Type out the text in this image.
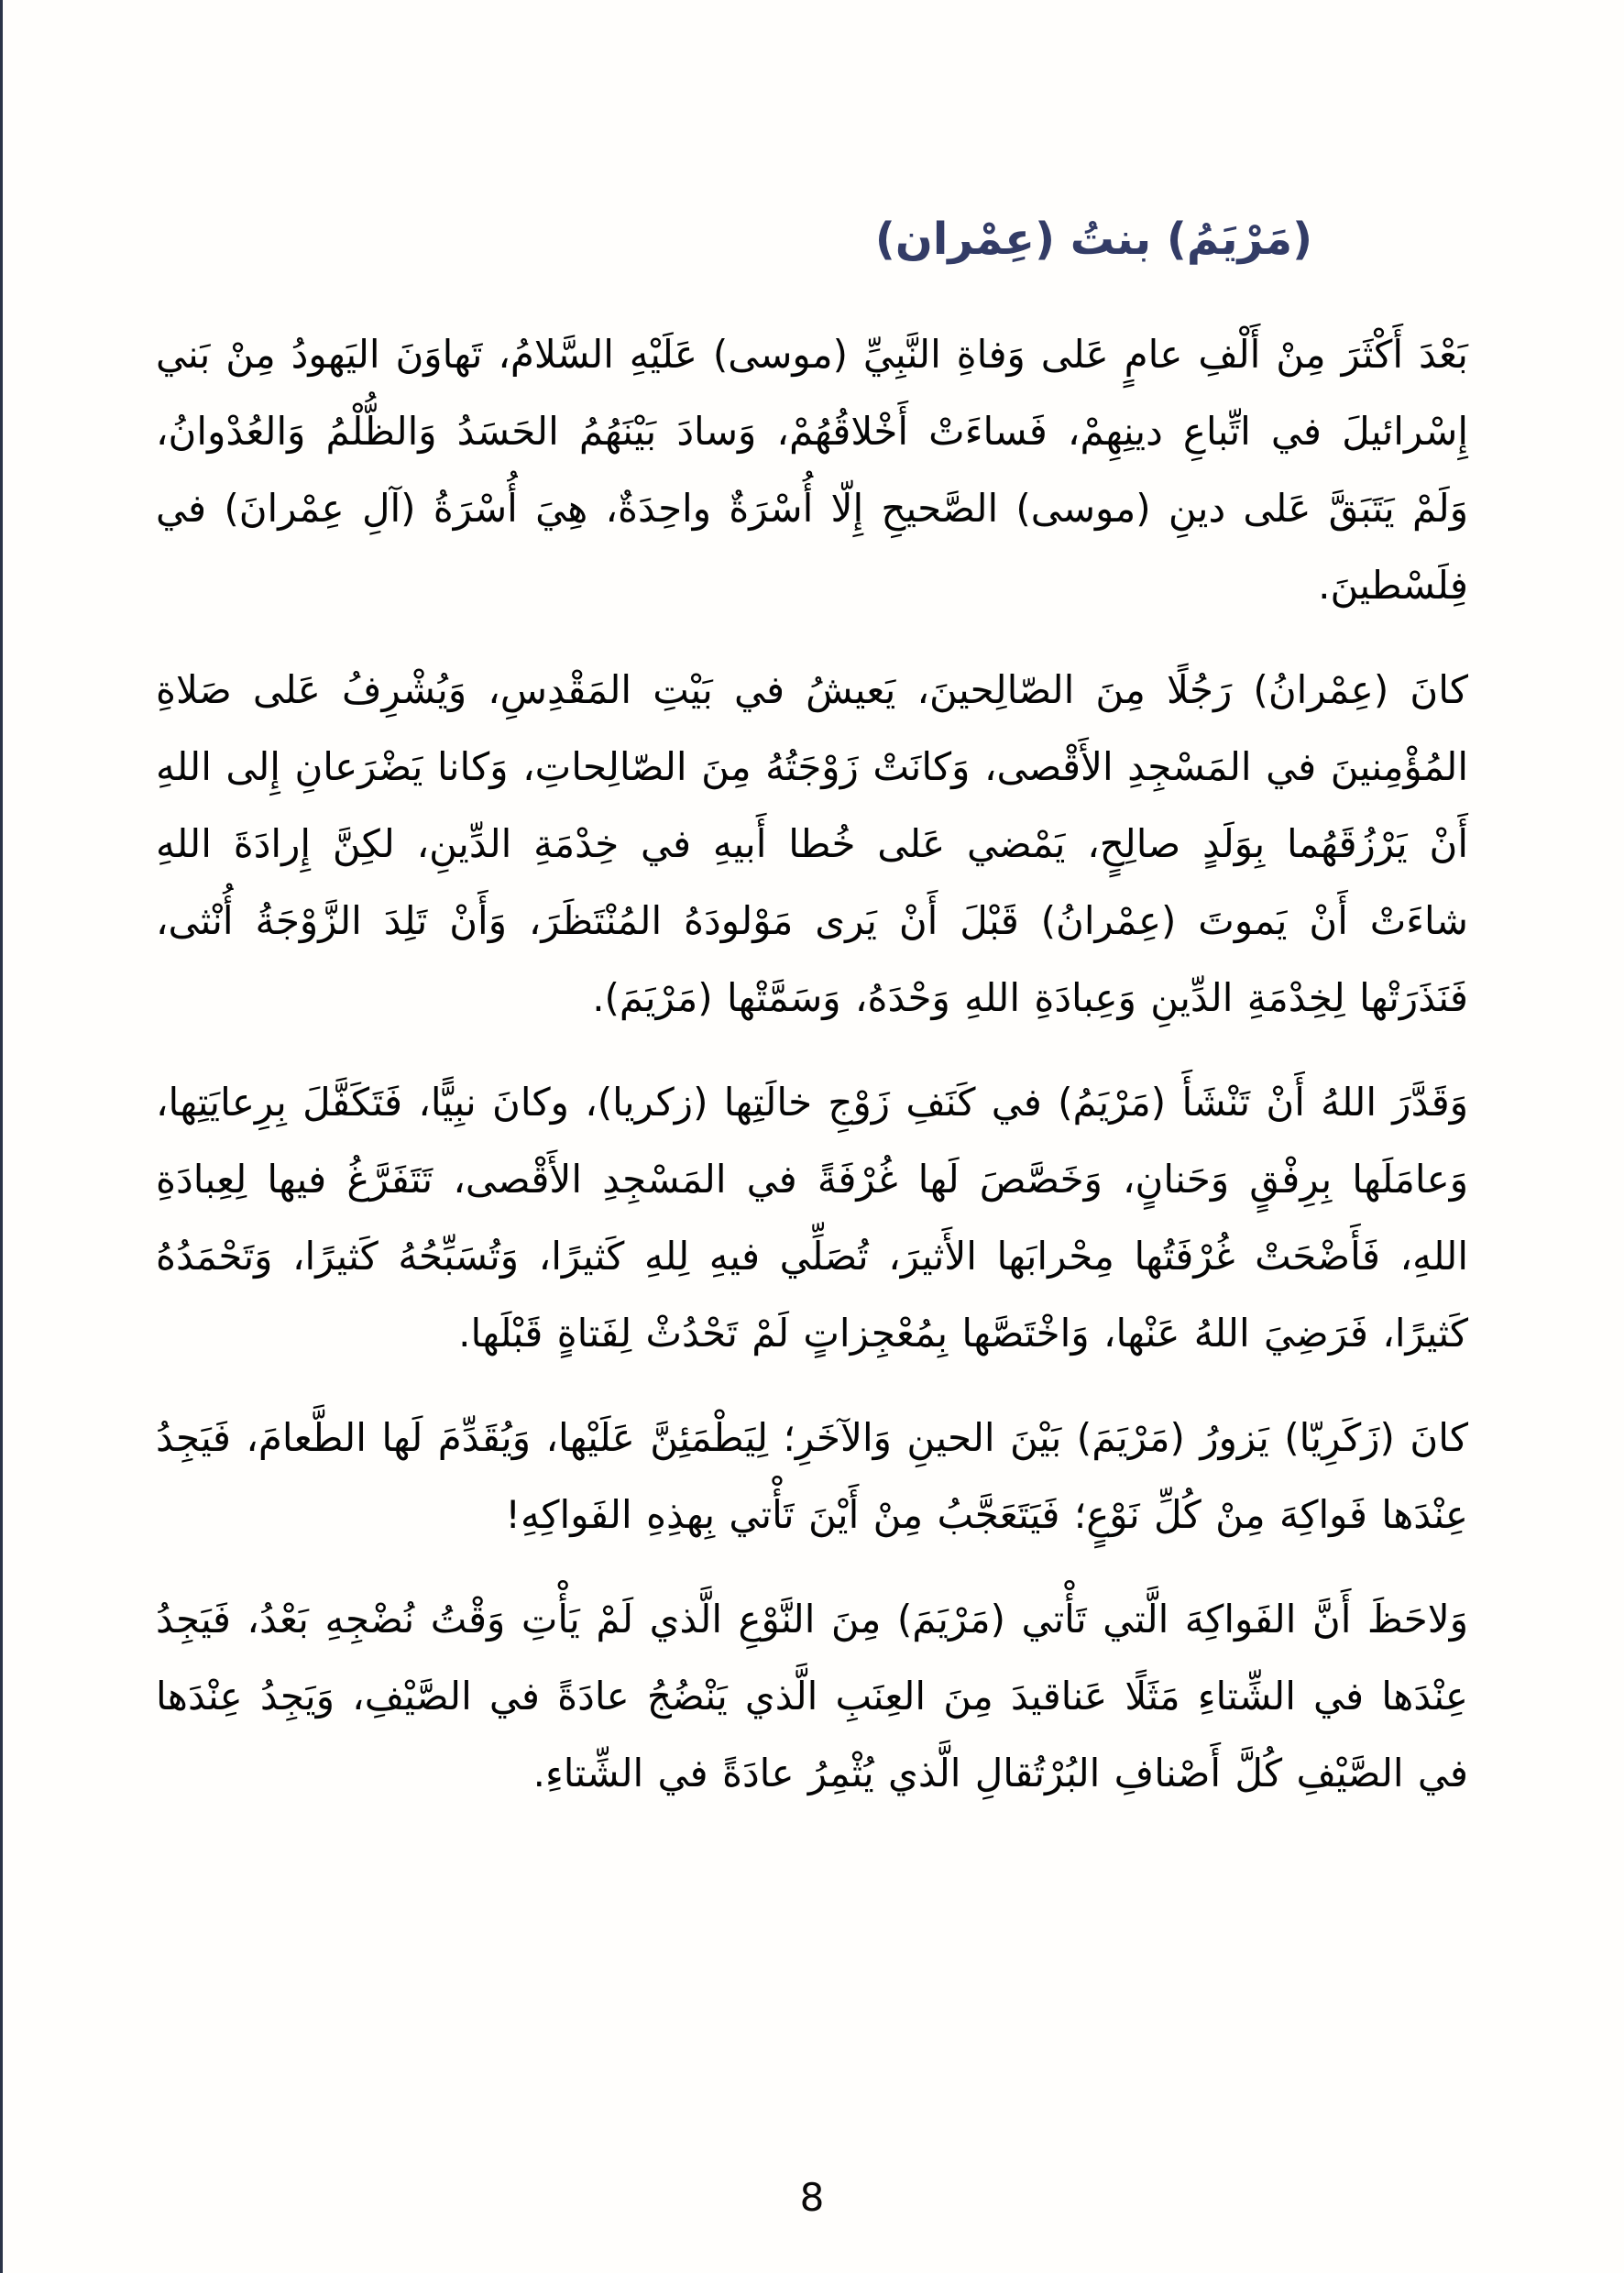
(مَرْيَمُ) بنتُ (عِمْران)

بَعْدَ أَكْثَرَ مِنْ أَلْفِ عامٍ عَلى وَفاةِ النَّبِيِّ (موسى) عَلَيْهِ السَّلامُ، تَهاوَنَ اليَهودُ مِنْ بَني إِسْرائيلَ في اتِّباعِ دينِهِمْ، فَساءَتْ أَخْلاقُهُمْ، وَسادَ بَيْنَهُمُ الحَسَدُ وَالظُّلْمُ وَالعُدْوانُ، وَلَمْ يَتَبَقَّ عَلى دينِ (موسى) الصَّحيحِ إِلّا أُسْرَةٌ واحِدَةٌ، هِيَ أُسْرَةُ (آلِ عِمْرانَ) في فِلَسْطينَ.

كانَ (عِمْرانُ) رَجُلًا مِنَ الصّالِحينَ، يَعيشُ في بَيْتِ المَقْدِسِ، وَيُشْرِفُ عَلى صَلاةِ المُؤْمِنينَ في المَسْجِدِ الأَقْصى، وَكانَتْ زَوْجَتُهُ مِنَ الصّالِحاتِ، وَكانا يَضْرَعانِ إِلى اللهِ أَنْ يَرْزُقَهُما بِوَلَدٍ صالِحٍ، يَمْضي عَلى خُطا أَبيهِ في خِدْمَةِ الدِّينِ، لكِنَّ إِرادَةَ اللهِ شاءَتْ أَنْ يَموتَ (عِمْرانُ) قَبْلَ أَنْ يَرى مَوْلودَهُ المُنْتَظَرَ، وَأَنْ تَلِدَ الزَّوْجَةُ أُنْثى، فَنَذَرَتْها لِخِدْمَةِ الدِّينِ وَعِبادَةِ اللهِ وَحْدَهُ، وَسَمَّتْها (مَرْيَمَ).

وَقَدَّرَ اللهُ أَنْ تَنْشَأَ (مَرْيَمُ) في كَنَفِ زَوْجِ خالَتِها (زكريا)، وكانَ نبِيًّا، فَتَكَفَّلَ بِرِعايَتِها، وَعامَلَها بِرِفْقٍ وَحَنانٍ، وَخَصَّصَ لَها غُرْفَةً في المَسْجِدِ الأَقْصى، تَتَفَرَّغُ فيها لِعِبادَةِ اللهِ، فَأَضْحَتْ غُرْفَتُها مِحْرابَها الأَثيرَ، تُصَلِّي فيهِ لِلهِ كَثيرًا، وَتُسَبِّحُهُ كَثيرًا، وَتَحْمَدُهُ كَثيرًا، فَرَضِيَ اللهُ عَنْها، وَاخْتَصَّها بِمُعْجِزاتٍ لَمْ تَحْدُثْ لِفَتاةٍ قَبْلَها.

كانَ (زَكَرِيّا) يَزورُ (مَرْيَمَ) بَيْنَ الحينِ وَالآخَرِ؛ لِيَطْمَئِنَّ عَلَيْها، وَيُقَدِّمَ لَها الطَّعامَ، فَيَجِدُ عِنْدَها فَواكِهَ مِنْ كُلِّ نَوْعٍ؛ فَيَتَعَجَّبُ مِنْ أَيْنَ تَأْتي بِهذِهِ الفَواكِهِ!

وَلاحَظَ أَنَّ الفَواكِهَ الَّتي تَأْتي (مَرْيَمَ) مِنَ النَّوْعِ الَّذي لَمْ يَأْتِ وَقْتُ نُضْجِهِ بَعْدُ، فَيَجِدُ عِنْدَها في الشِّتاءِ مَثَلًا عَناقيدَ مِنَ العِنَبِ الَّذي يَنْضُجُ عادَةً في الصَّيْفِ، وَيَجِدُ عِنْدَها في الصَّيْفِ كُلَّ أَصْنافِ البُرْتُقالِ الَّذي يُثْمِرُ عادَةً في الشِّتاءِ.

8
